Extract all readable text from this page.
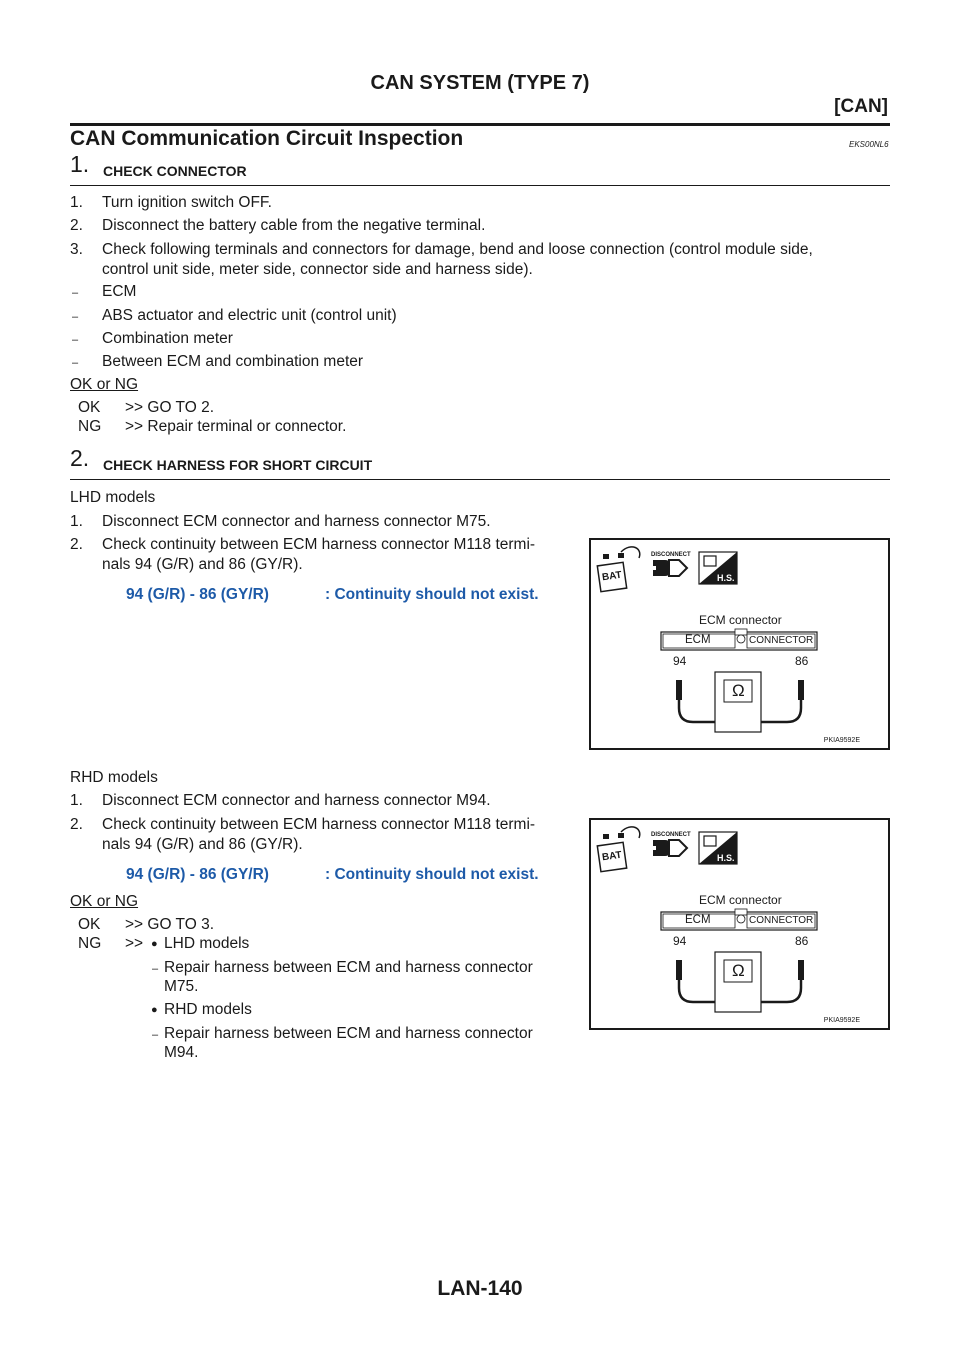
CAN SYSTEM (TYPE 7)
[CAN]
CAN Communication Circuit Inspection	EKS00NL6
1. CHECK CONNECTOR
1. Turn ignition switch OFF.
2. Disconnect the battery cable from the negative terminal.
3. Check following terminals and connectors for damage, bend and loose connection (control module side,
control unit side, meter side, connector side and harness side).
– ECM
– ABS actuator and electric unit (control unit)
– Combination meter
– Between ECM and combination meter
OK or NG
OK >> GO TO 2.
NG >> Repair terminal or connector.
2. CHECK HARNESS FOR SHORT CIRCUIT
LHD models
1. Disconnect ECM connector and harness connector M75.
2. Check continuity between ECM harness connector M118 termi-
nals 94 (G/R) and 86 (GY/R).
94 (G/R) - 86 (GY/R)	: Continuity should not exist.
DISCONNECT
BAT	H.S.
ECM connector
ECM	CONNECTOR
94	86
Ω
PKIA9592E
RHD models
1. Disconnect ECM connector and harness connector M94.
2. Check continuity between ECM harness connector M118 termi-
nals 94 (G/R) and 86 (GY/R).
94 (G/R) - 86 (GY/R)	: Continuity should not exist.
DISCONNECT
BAT	H.S.
ECM connector
ECM	CONNECTOR
94	86
Ω
PKIA9592E
OK or NG
OK >> GO TO 3.
NG >> ● LHD models
– Repair harness between ECM and harness connector
M75.
● RHD models
– Repair harness between ECM and harness connector
M94.
LAN-140
